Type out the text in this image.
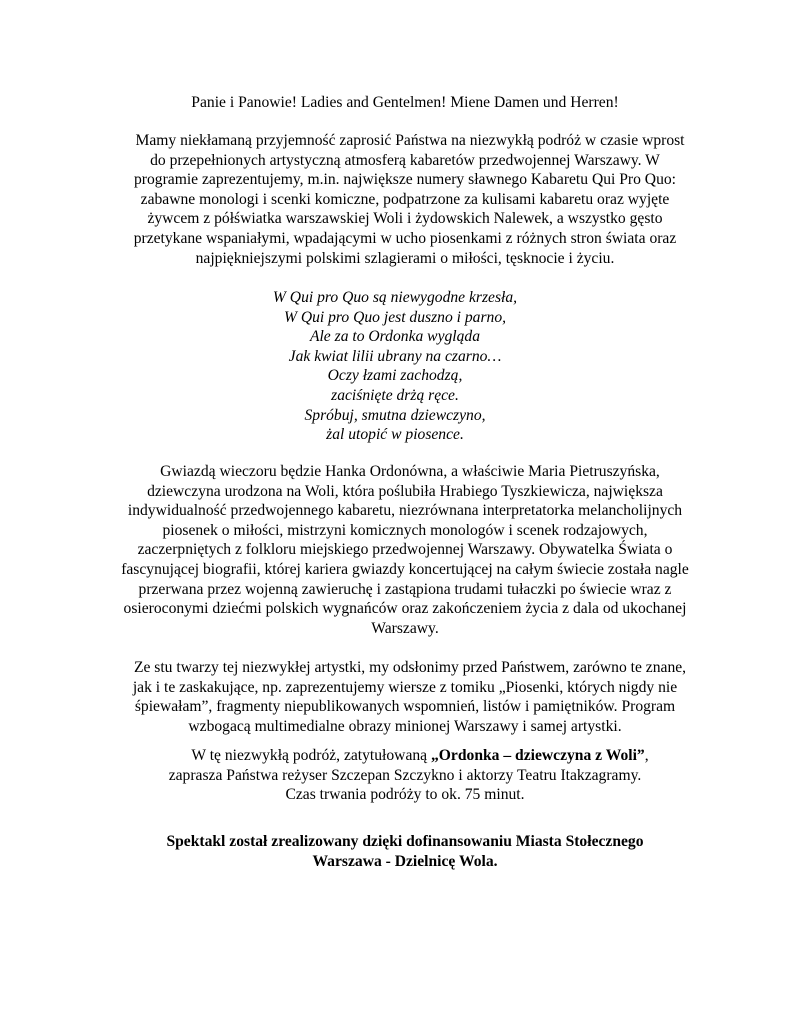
Panie i Panowie! Ladies and Gentelmen! Miene Damen und Herren!

Mamy niekłamaną przyjemność zaprosić Państwa na niezwykłą podróż w czasie wprost
do przepełnionych artystyczną atmosferą kabaretów przedwojennej Warszawy. W
programie zaprezentujemy, m.in. największe numery sławnego Kabaretu Qui Pro Quo:
zabawne monologi i scenki komiczne, podpatrzone za kulisami kabaretu oraz wyjęte
żywcem z półświatka warszawskiej Woli i żydowskich Nalewek, a wszystko gęsto
przetykane wspaniałymi, wpadającymi w ucho piosenkami z różnych stron świata oraz
najpiękniejszymi polskimi szlagierami o miłości, tęsknocie i życiu.

W Qui pro Quo są niewygodne krzesła,
W Qui pro Quo jest duszno i parno,
Ale za to Ordonka wygląda
Jak kwiat lilii ubrany na czarno…
Oczy łzami zachodzą,
zaciśnięte drżą ręce.
Spróbuj, smutna dziewczyno,
żal utopić w piosence.

Gwiazdą wieczoru będzie Hanka Ordonówna, a właściwie Maria Pietruszyńska,
dziewczyna urodzona na Woli, która poślubiła Hrabiego Tyszkiewicza, największa
indywidualność przedwojennego kabaretu, niezrównana interpretatorka melancholijnych
piosenek o miłości, mistrzyni komicznych monologów i scenek rodzajowych,
zaczerpniętych z folkloru miejskiego przedwojennej Warszawy. Obywatelka Świata o
fascynującej biografii, której kariera gwiazdy koncertującej na całym świecie została nagle
przerwana przez wojenną zawieruchę i zastąpiona trudami tułaczki po świecie wraz z
osieroconymi dziećmi polskich wygnańców oraz zakończeniem życia z dala od ukochanej
Warszawy.

Ze stu twarzy tej niezwykłej artystki, my odsłonimy przed Państwem, zarówno te znane,
jak i te zaskakujące, np. zaprezentujemy wiersze z tomiku „Piosenki, których nigdy nie
śpiewałam”, fragmenty niepublikowanych wspomnień, listów i pamiętników. Program
wzbogacą multimedialne obrazy minionej Warszawy i samej artystki.

W tę niezwykłą podróż, zatytułowaną „Ordonka – dziewczyna z Woli”,
zaprasza Państwa reżyser Szczepan Szczykno i aktorzy Teatru Itakzagramy.
Czas trwania podróży to ok. 75 minut.

Spektakl został zrealizowany dzięki dofinansowaniu Miasta Stołecznego
Warszawa - Dzielnicę Wola.
